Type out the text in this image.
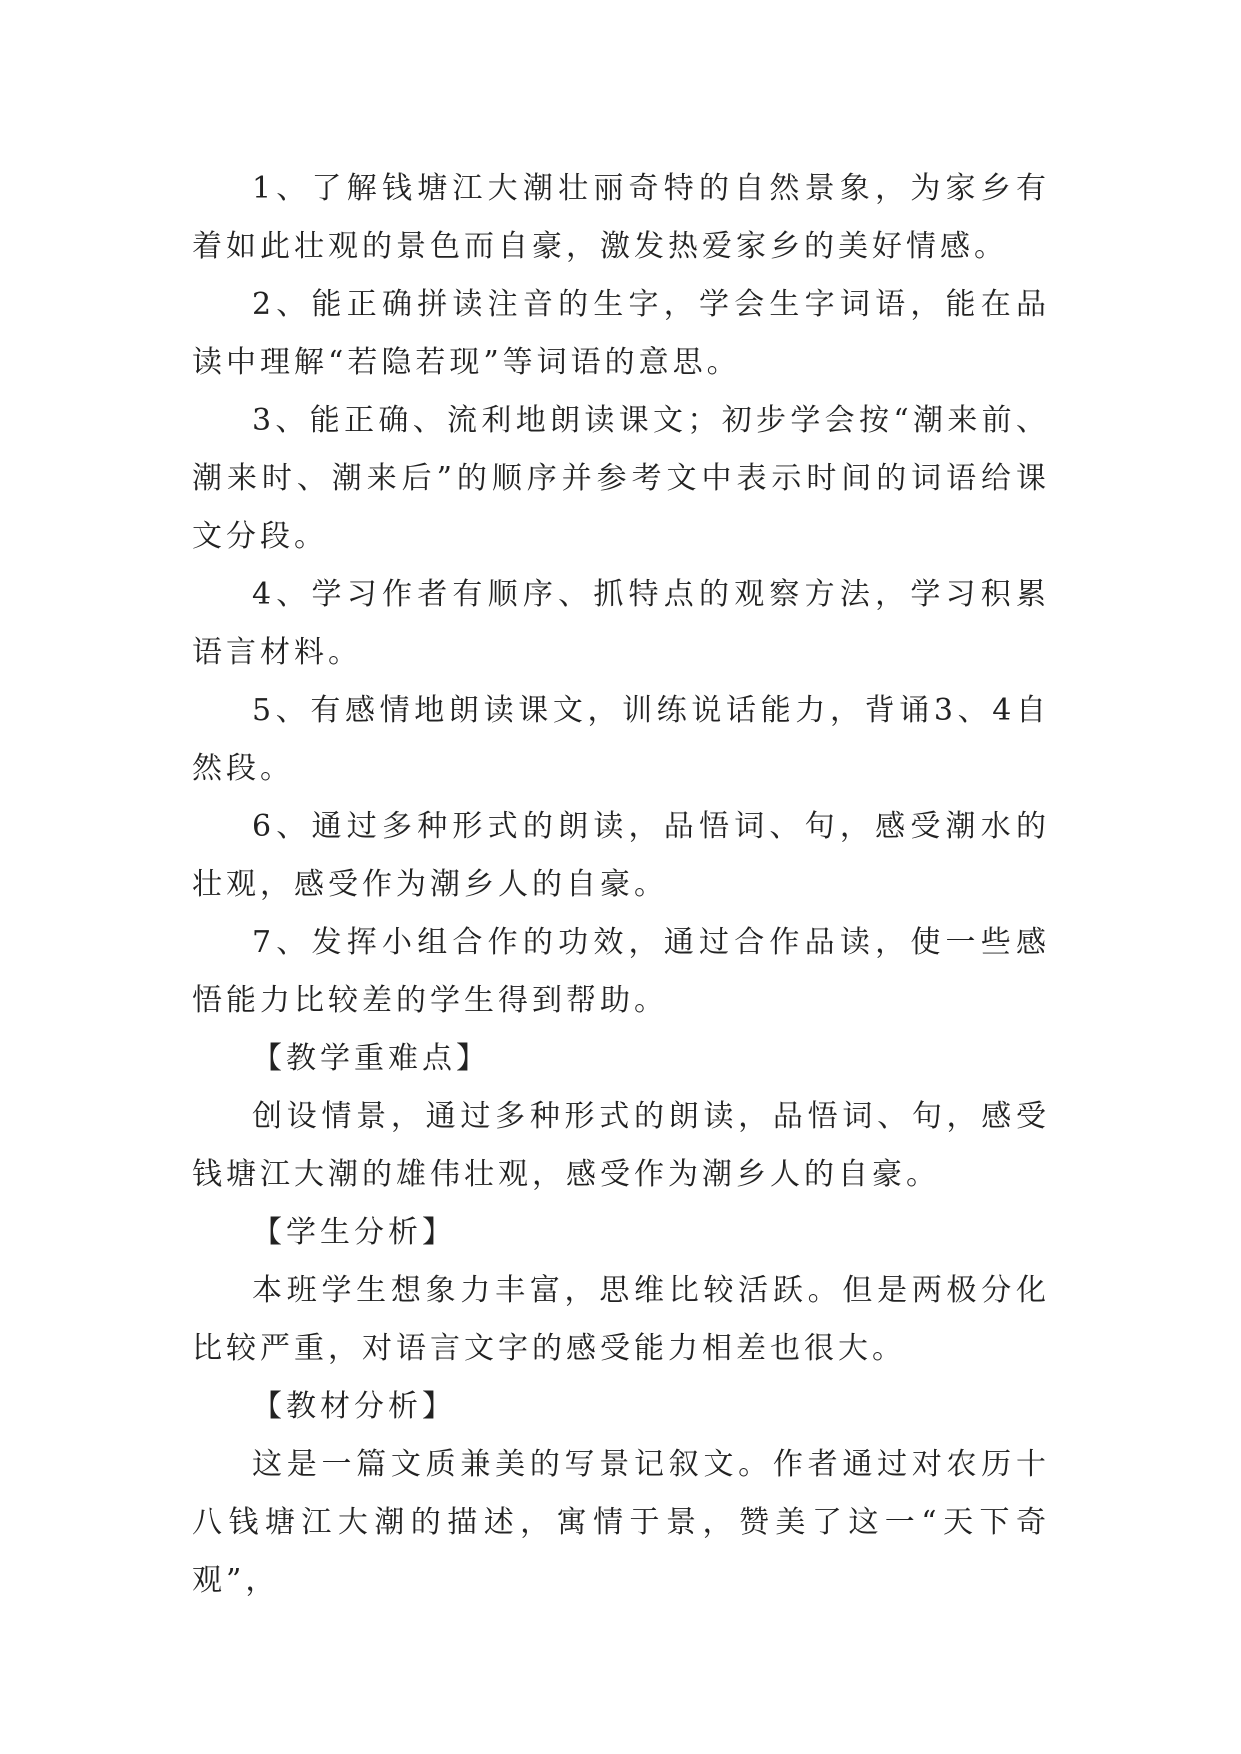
1、了解钱塘江大潮壮丽奇特的自然景象，为家乡有着如此壮观的景色而自豪，激发热爱家乡的美好情感。

2、能正确拼读注音的生字，学会生字词语，能在品读中理解“若隐若现”等词语的意思。

3、能正确、流利地朗读课文；初步学会按“潮来前、潮来时、潮来后”的顺序并参考文中表示时间的词语给课文分段。

4、学习作者有顺序、抓特点的观察方法，学习积累语言材料。

5、有感情地朗读课文，训练说话能力，背诵3、4自然段。

6、通过多种形式的朗读，品悟词、句，感受潮水的壮观，感受作为潮乡人的自豪。

7、发挥小组合作的功效，通过合作品读，使一些感悟能力比较差的学生得到帮助。

【教学重难点】

创设情景，通过多种形式的朗读，品悟词、句，感受钱塘江大潮的雄伟壮观，感受作为潮乡人的自豪。

【学生分析】

本班学生想象力丰富，思维比较活跃。但是两极分化比较严重，对语言文字的感受能力相差也很大。

【教材分析】

这是一篇文质兼美的写景记叙文。作者通过对农历十八钱塘江大潮的描述，寓情于景，赞美了这一“天下奇观”，
